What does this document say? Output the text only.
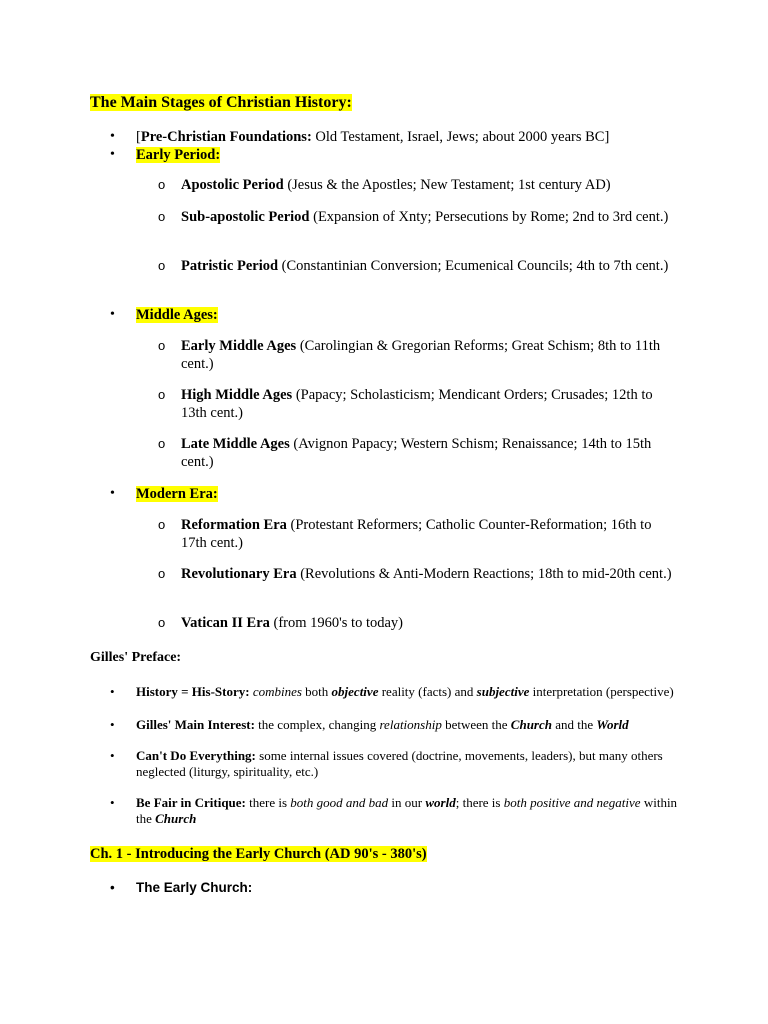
The Main Stages of Christian History:
• [Pre-Christian Foundations: Old Testament, Israel, Jews; about 2000 years BC]
• Early Period:
o Apostolic Period (Jesus & the Apostles; New Testament; 1st century AD)
o Sub-apostolic Period (Expansion of Xnty; Persecutions by Rome; 2nd to 3rd cent.)
o Patristic Period (Constantinian Conversion; Ecumenical Councils; 4th to 7th cent.)
• Middle Ages:
o Early Middle Ages (Carolingian & Gregorian Reforms; Great Schism; 8th to 11th cent.)
o High Middle Ages (Papacy; Scholasticism; Mendicant Orders; Crusades; 12th to 13th cent.)
o Late Middle Ages (Avignon Papacy; Western Schism; Renaissance; 14th to 15th cent.)
• Modern Era:
o Reformation Era (Protestant Reformers; Catholic Counter-Reformation; 16th to 17th cent.)
o Revolutionary Era (Revolutions & Anti-Modern Reactions; 18th to mid-20th cent.)
o Vatican II Era (from 1960's to today)
Gilles' Preface:
• History = His-Story: combines both objective reality (facts) and subjective interpretation (perspective)
• Gilles' Main Interest: the complex, changing relationship between the Church and the World
• Can't Do Everything: some internal issues covered (doctrine, movements, leaders), but many others neglected (liturgy, spirituality, etc.)
• Be Fair in Critique: there is both good and bad in our world; there is both positive and negative within the Church
Ch. 1 - Introducing the Early Church (AD 90's - 380's)
• The Early Church:
